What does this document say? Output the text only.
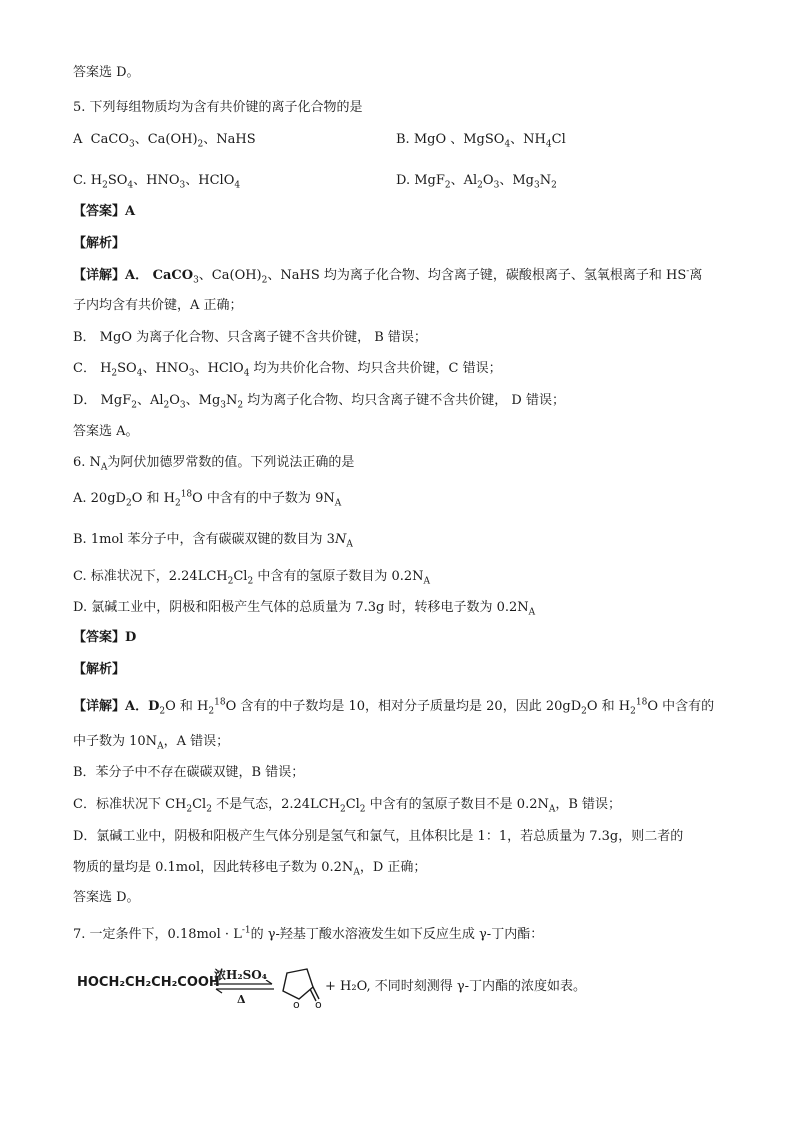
答案选 D。
5. 下列每组物质均为含有共价键的离子化合物的是
A CaCO$_3$、$Ca(OH)_2$、NaHS	B. MgO 、MgSO$_4$、$NH_4Cl$
C. $H_2SO_4$、$HNO_3$、HClO$_4$	D. MgF$_2$、$Al_2O_3$、$Mg_3N_2$
【答案】A
【解析】
【详解】A． CaCO$_3$、$Ca(OH)_2$、NaHS 均为离子化合物、均含离子键，碳酸根离子、氢氧根离子和 HS-离
子内均含有共价键，A 正确；
B． MgO 为离子化合物、只含离子键不含共价键， B 错误；
C． $H_2SO_4$、$HNO_3$、HClO$_4$ 均为共价化合物、均只含共价键，C 错误；
D． MgF$_2$、$Al_2O_3$、$Mg_3N_2$ 均为离子化合物、均只含离子键不含共价键， D 错误；
答案选 A。
6. $N_A$为阿伏加德罗常数的值。下列说法正确的是
A. $20gD_2O$ 和 $H_2^{18}O$ 中含有的中子数为 $9N_A$
B. 1mol 苯分子中，含有碳碳双键的数目为 $3N_A$
C. 标准状况下，$2.24LCH_2Cl_2$ 中含有的氢原子数目为 $0.2N_A$
D. 氯碱工业中，阴极和阳极产生气体的总质量为 7.3g 时，转移电子数为 $0.2N_A$
【答案】D
【解析】
【详解】A．$D_2O$ 和 $H_2^{18}O$ 含有的中子数均是 10，相对分子质量均是 20，因此 $20gD_2O$ 和 $H_2^{18}O$ 中含有的
中子数为 $10N_A$，A 错误；
B．苯分子中不存在碳碳双键，B 错误；
C．标准状况下 $CH_2Cl_2$ 不是气态，$2.24LCH_2Cl_2$ 中含有的氢原子数目不是 $0.2N_A$，B 错误；
D．氯碱工业中，阴极和阳极产生气体分别是氢气和氯气，且体积比是 1：1，若总质量为 7.3g，则二者的
物质的量均是 0.1mol，因此转移电子数为 $0.2N_A$，D 正确；
答案选 D。
7. 一定条件下，$0.18mol \cdot L^{-1}$的 γ-羟基丁酸水溶液发生如下反应生成 γ-丁内酯：
HOCH₂CH₂CH₂COOH
浓H₂SO₄
Δ	o o
+ H₂O, 不同时刻测得 γ-丁内酯的浓度如表。
